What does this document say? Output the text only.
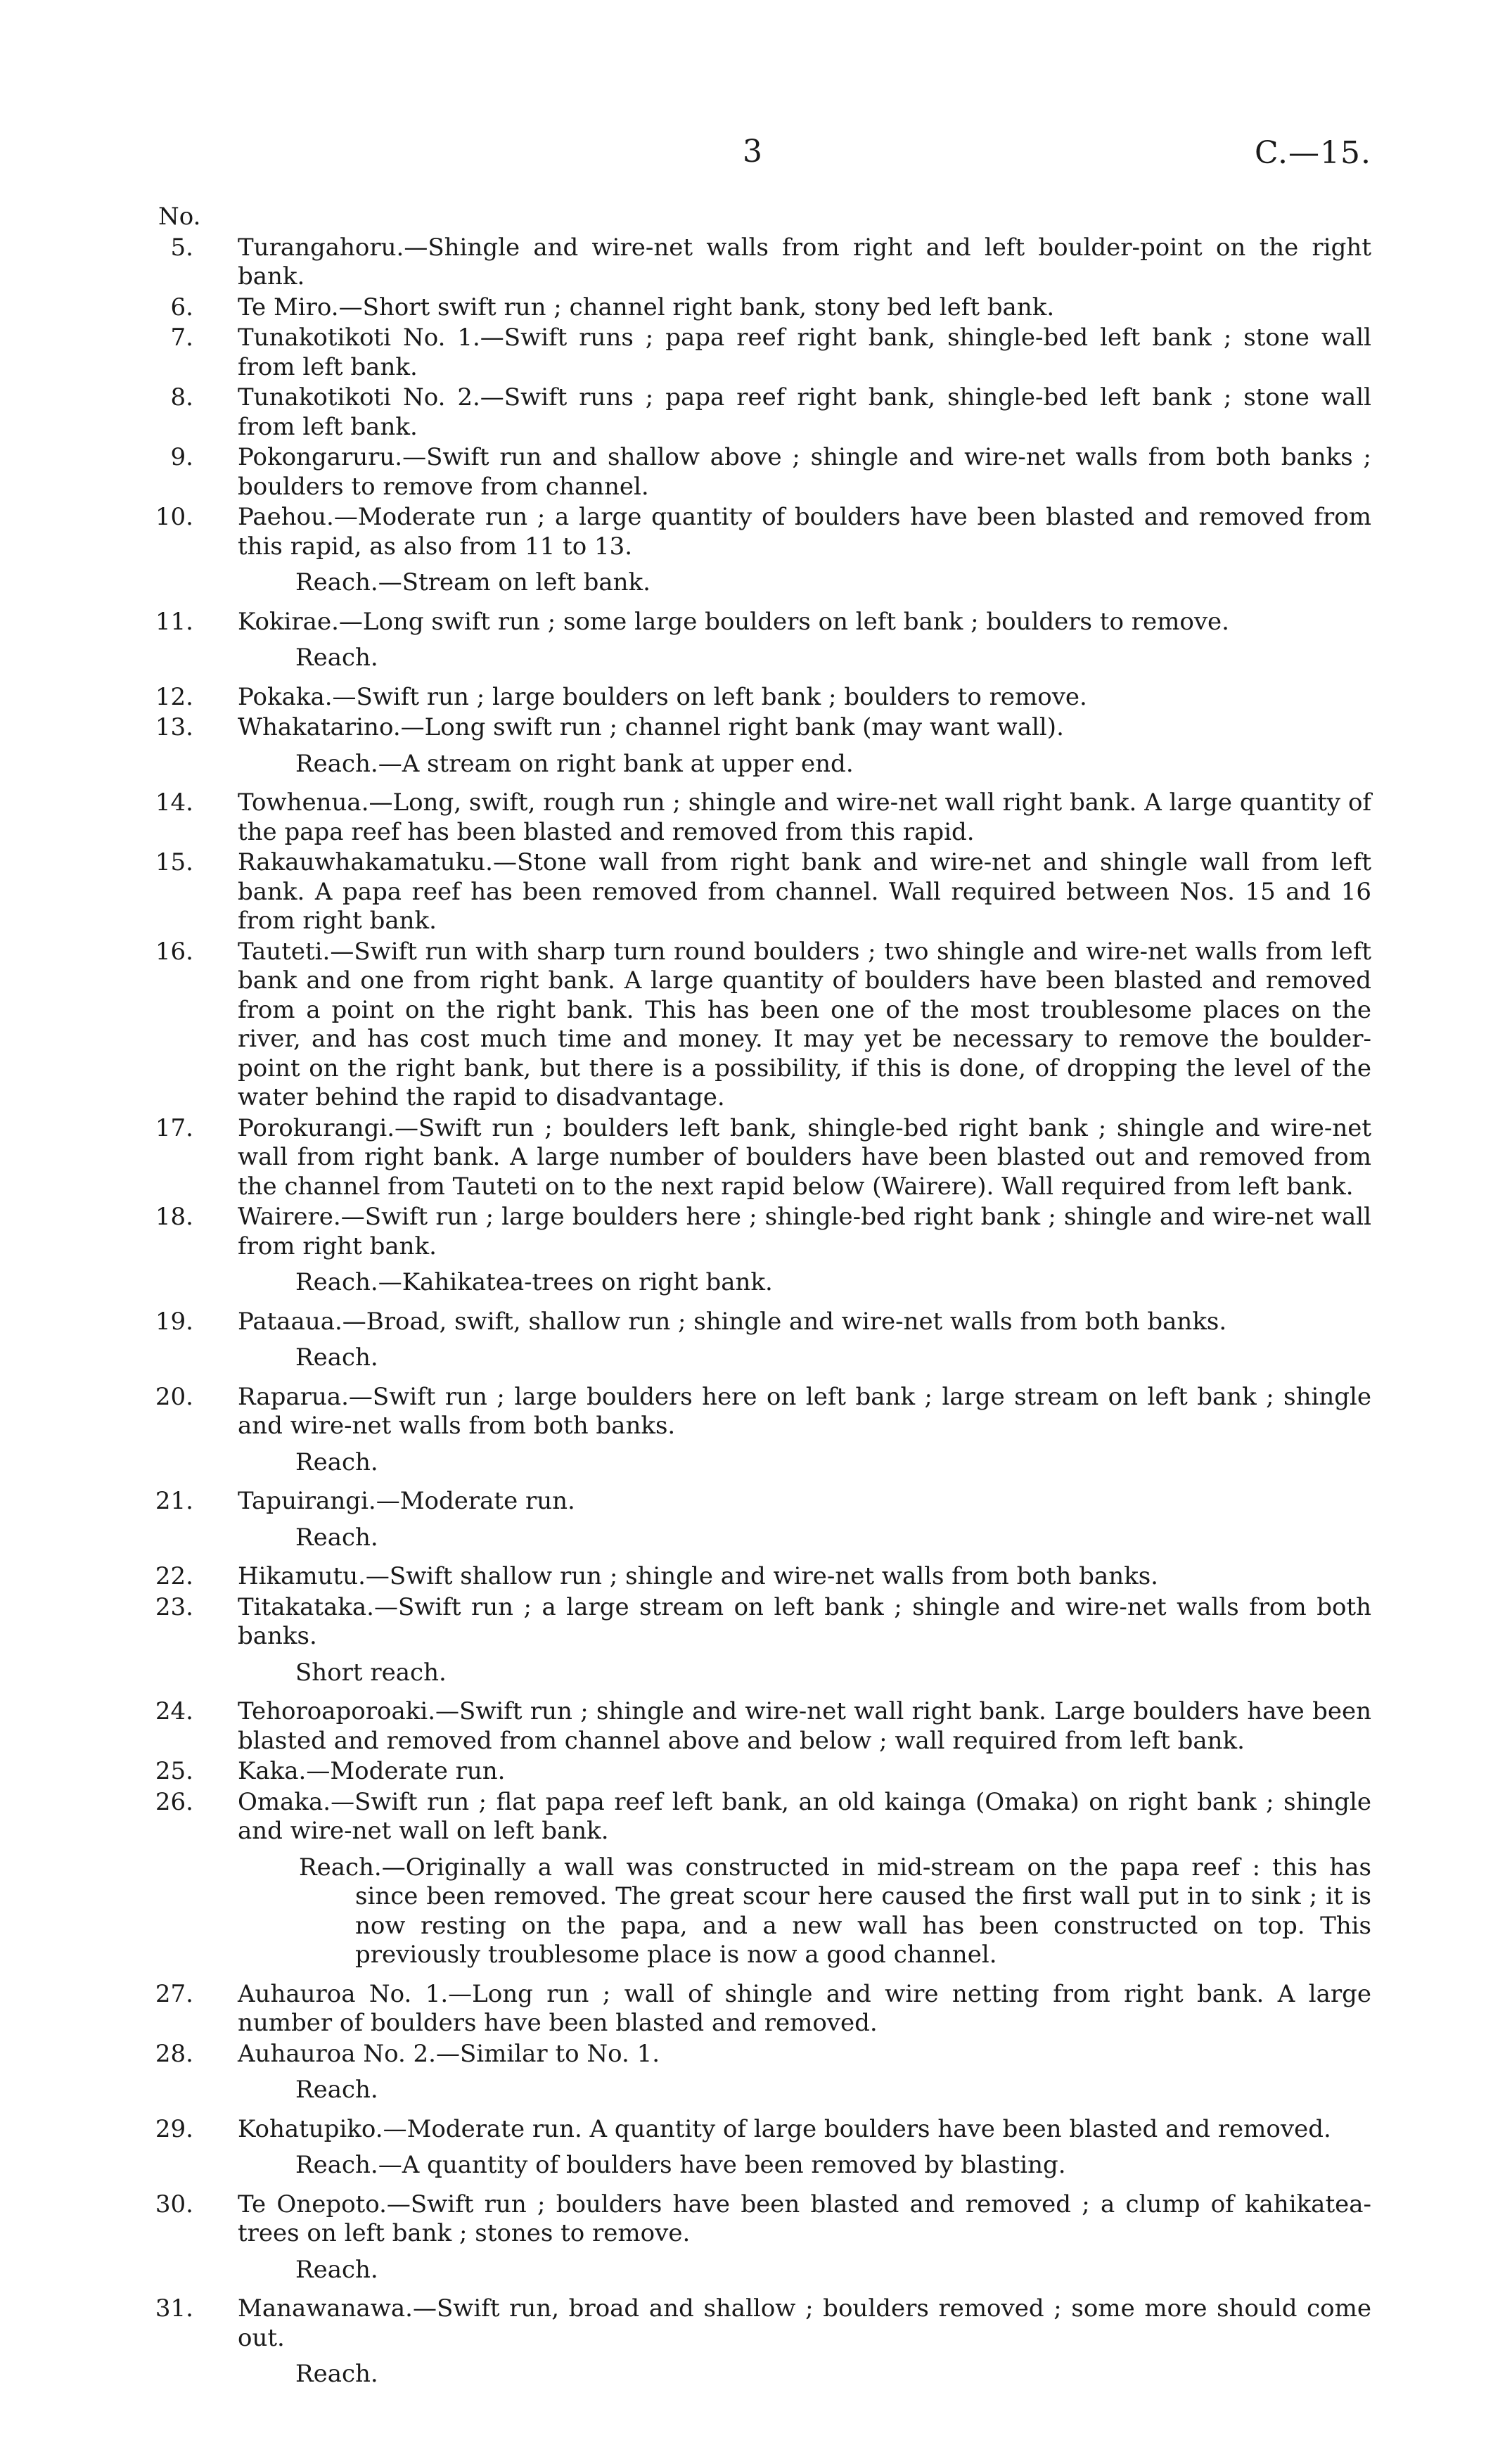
3	C.—15.
No.
5. Turangahoru.—Shingle and wire-net walls from right and left boulder-point on the right bank.
6. Te Miro.—Short swift run ; channel right bank, stony bed left bank.
7. Tunakotikoti No. 1.—Swift runs ; papa reef right bank, shingle-bed left bank ; stone wall from left bank.
8. Tunakotikoti No. 2.—Swift runs ; papa reef right bank, shingle-bed left bank ; stone wall from left bank.
9. Pokongaruru.—Swift run and shallow above ; shingle and wire-net walls from both banks ; boulders to remove from channel.
10. Paehou.—Moderate run ; a large quantity of boulders have been blasted and removed from this rapid, as also from 11 to 13.
Reach.—Stream on left bank.
11. Kokirae.—Long swift run ; some large boulders on left bank ; boulders to remove.
Reach.
12. Pokaka.—Swift run ; large boulders on left bank ; boulders to remove.
13. Whakatarino.—Long swift run ; channel right bank (may want wall).
Reach.—A stream on right bank at upper end.
14. Towhenua.—Long, swift, rough run ; shingle and wire-net wall right bank. A large quantity of the papa reef has been blasted and removed from this rapid.
15. Rakauwhakamatuku.—Stone wall from right bank and wire-net and shingle wall from left bank. A papa reef has been removed from channel. Wall required between Nos. 15 and 16 from right bank.
16. Tauteti.—Swift run with sharp turn round boulders ; two shingle and wire-net walls from left bank and one from right bank. A large quantity of boulders have been blasted and removed from a point on the right bank. This has been one of the most troublesome places on the river, and has cost much time and money. It may yet be necessary to remove the boulder-point on the right bank, but there is a possibility, if this is done, of dropping the level of the water behind the rapid to disadvantage.
17. Porokurangi.—Swift run ; boulders left bank, shingle-bed right bank ; shingle and wire-net wall from right bank. A large number of boulders have been blasted out and removed from the channel from Tauteti on to the next rapid below (Wairere). Wall required from left bank.
18. Wairere.—Swift run ; large boulders here ; shingle-bed right bank ; shingle and wire-net wall from right bank.
Reach.—Kahikatea-trees on right bank.
19. Pataaua.—Broad, swift, shallow run ; shingle and wire-net walls from both banks.
Reach.
20. Raparua.—Swift run ; large boulders here on left bank ; large stream on left bank ; shingle and wire-net walls from both banks.
Reach.
21. Tapuirangi.—Moderate run.
Reach.
22. Hikamutu.—Swift shallow run ; shingle and wire-net walls from both banks.
23. Titakataka.—Swift run ; a large stream on left bank ; shingle and wire-net walls from both banks.
Short reach.
24. Tehoroaporoaki.—Swift run ; shingle and wire-net wall right bank. Large boulders have been blasted and removed from channel above and below ; wall required from left bank.
25. Kaka.—Moderate run.
26. Omaka.—Swift run ; flat papa reef left bank, an old kainga (Omaka) on right bank ; shingle and wire-net wall on left bank.
Reach.—Originally a wall was constructed in mid-stream on the papa reef : this has since been removed. The great scour here caused the first wall put in to sink ; it is now resting on the papa, and a new wall has been constructed on top. This previously troublesome place is now a good channel.
27. Auhauroa No. 1.—Long run ; wall of shingle and wire netting from right bank. A large number of boulders have been blasted and removed.
28. Auhauroa No. 2.—Similar to No. 1.
Reach.
29. Kohatupiko.—Moderate run. A quantity of large boulders have been blasted and removed.
Reach.—A quantity of boulders have been removed by blasting.
30. Te Onepoto.—Swift run ; boulders have been blasted and removed ; a clump of kahikatea-trees on left bank ; stones to remove.
Reach.
31. Manawanawa.—Swift run, broad and shallow ; boulders removed ; some more should come out.
Reach.
